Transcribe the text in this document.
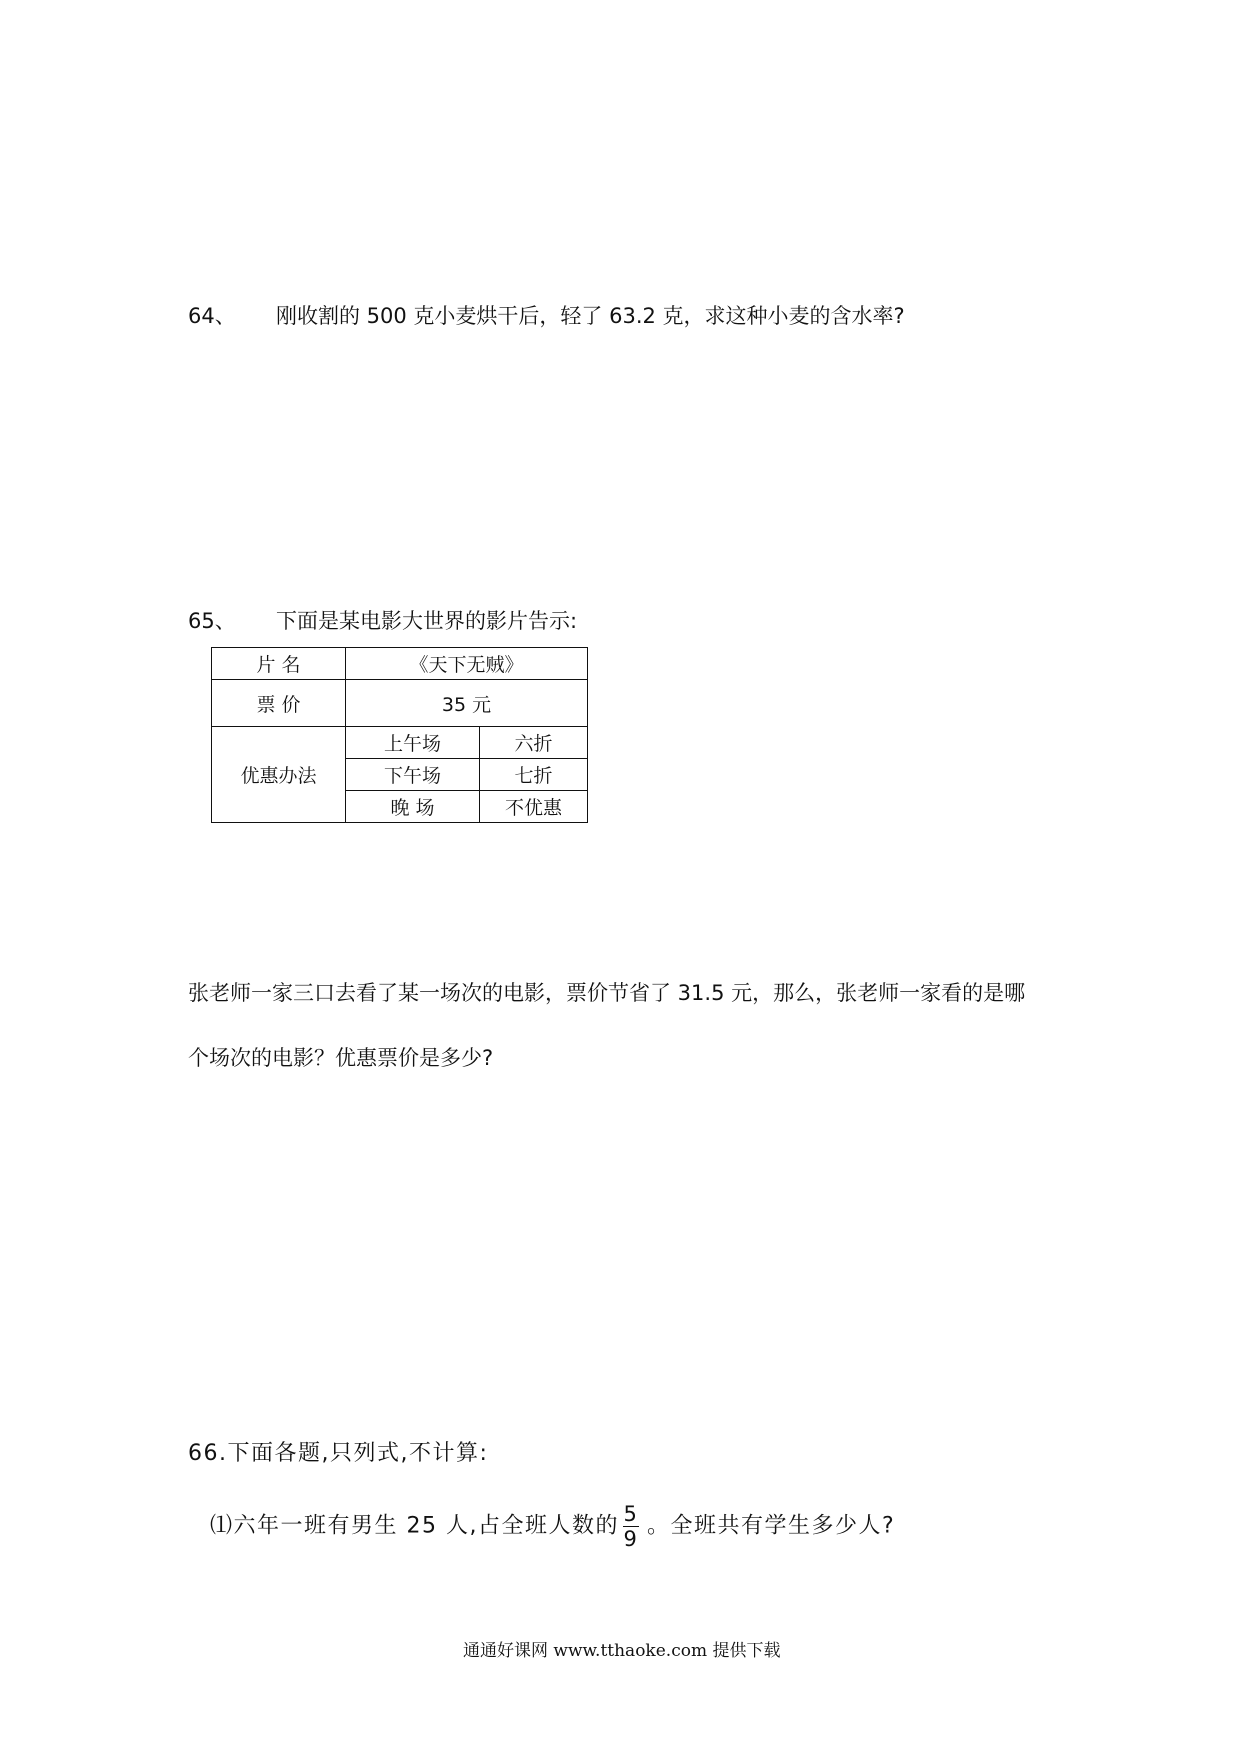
64、 刚收割的 500 克小麦烘干后，轻了 63.2 克，求这种小麦的含水率?
65、 下面是某电影大世界的影片告示:
片 名	《天下无贼》	
票 价	35 元	
优惠办法	上午场	六折
	下午场	七折
	晚 场	不优惠
张老师一家三口去看了某一场次的电影，票价节省了 31.5 元，那么，张老师一家看的是哪
个场次的电影？优惠票价是多少?
66.下面各题,只列式,不计算:
⑴六年一班有男生 25 人,占全班人数的 $\frac{5}{9}$ 。全班共有学生多少人?
通通好课网 www.tthaoke.com 提供下载
